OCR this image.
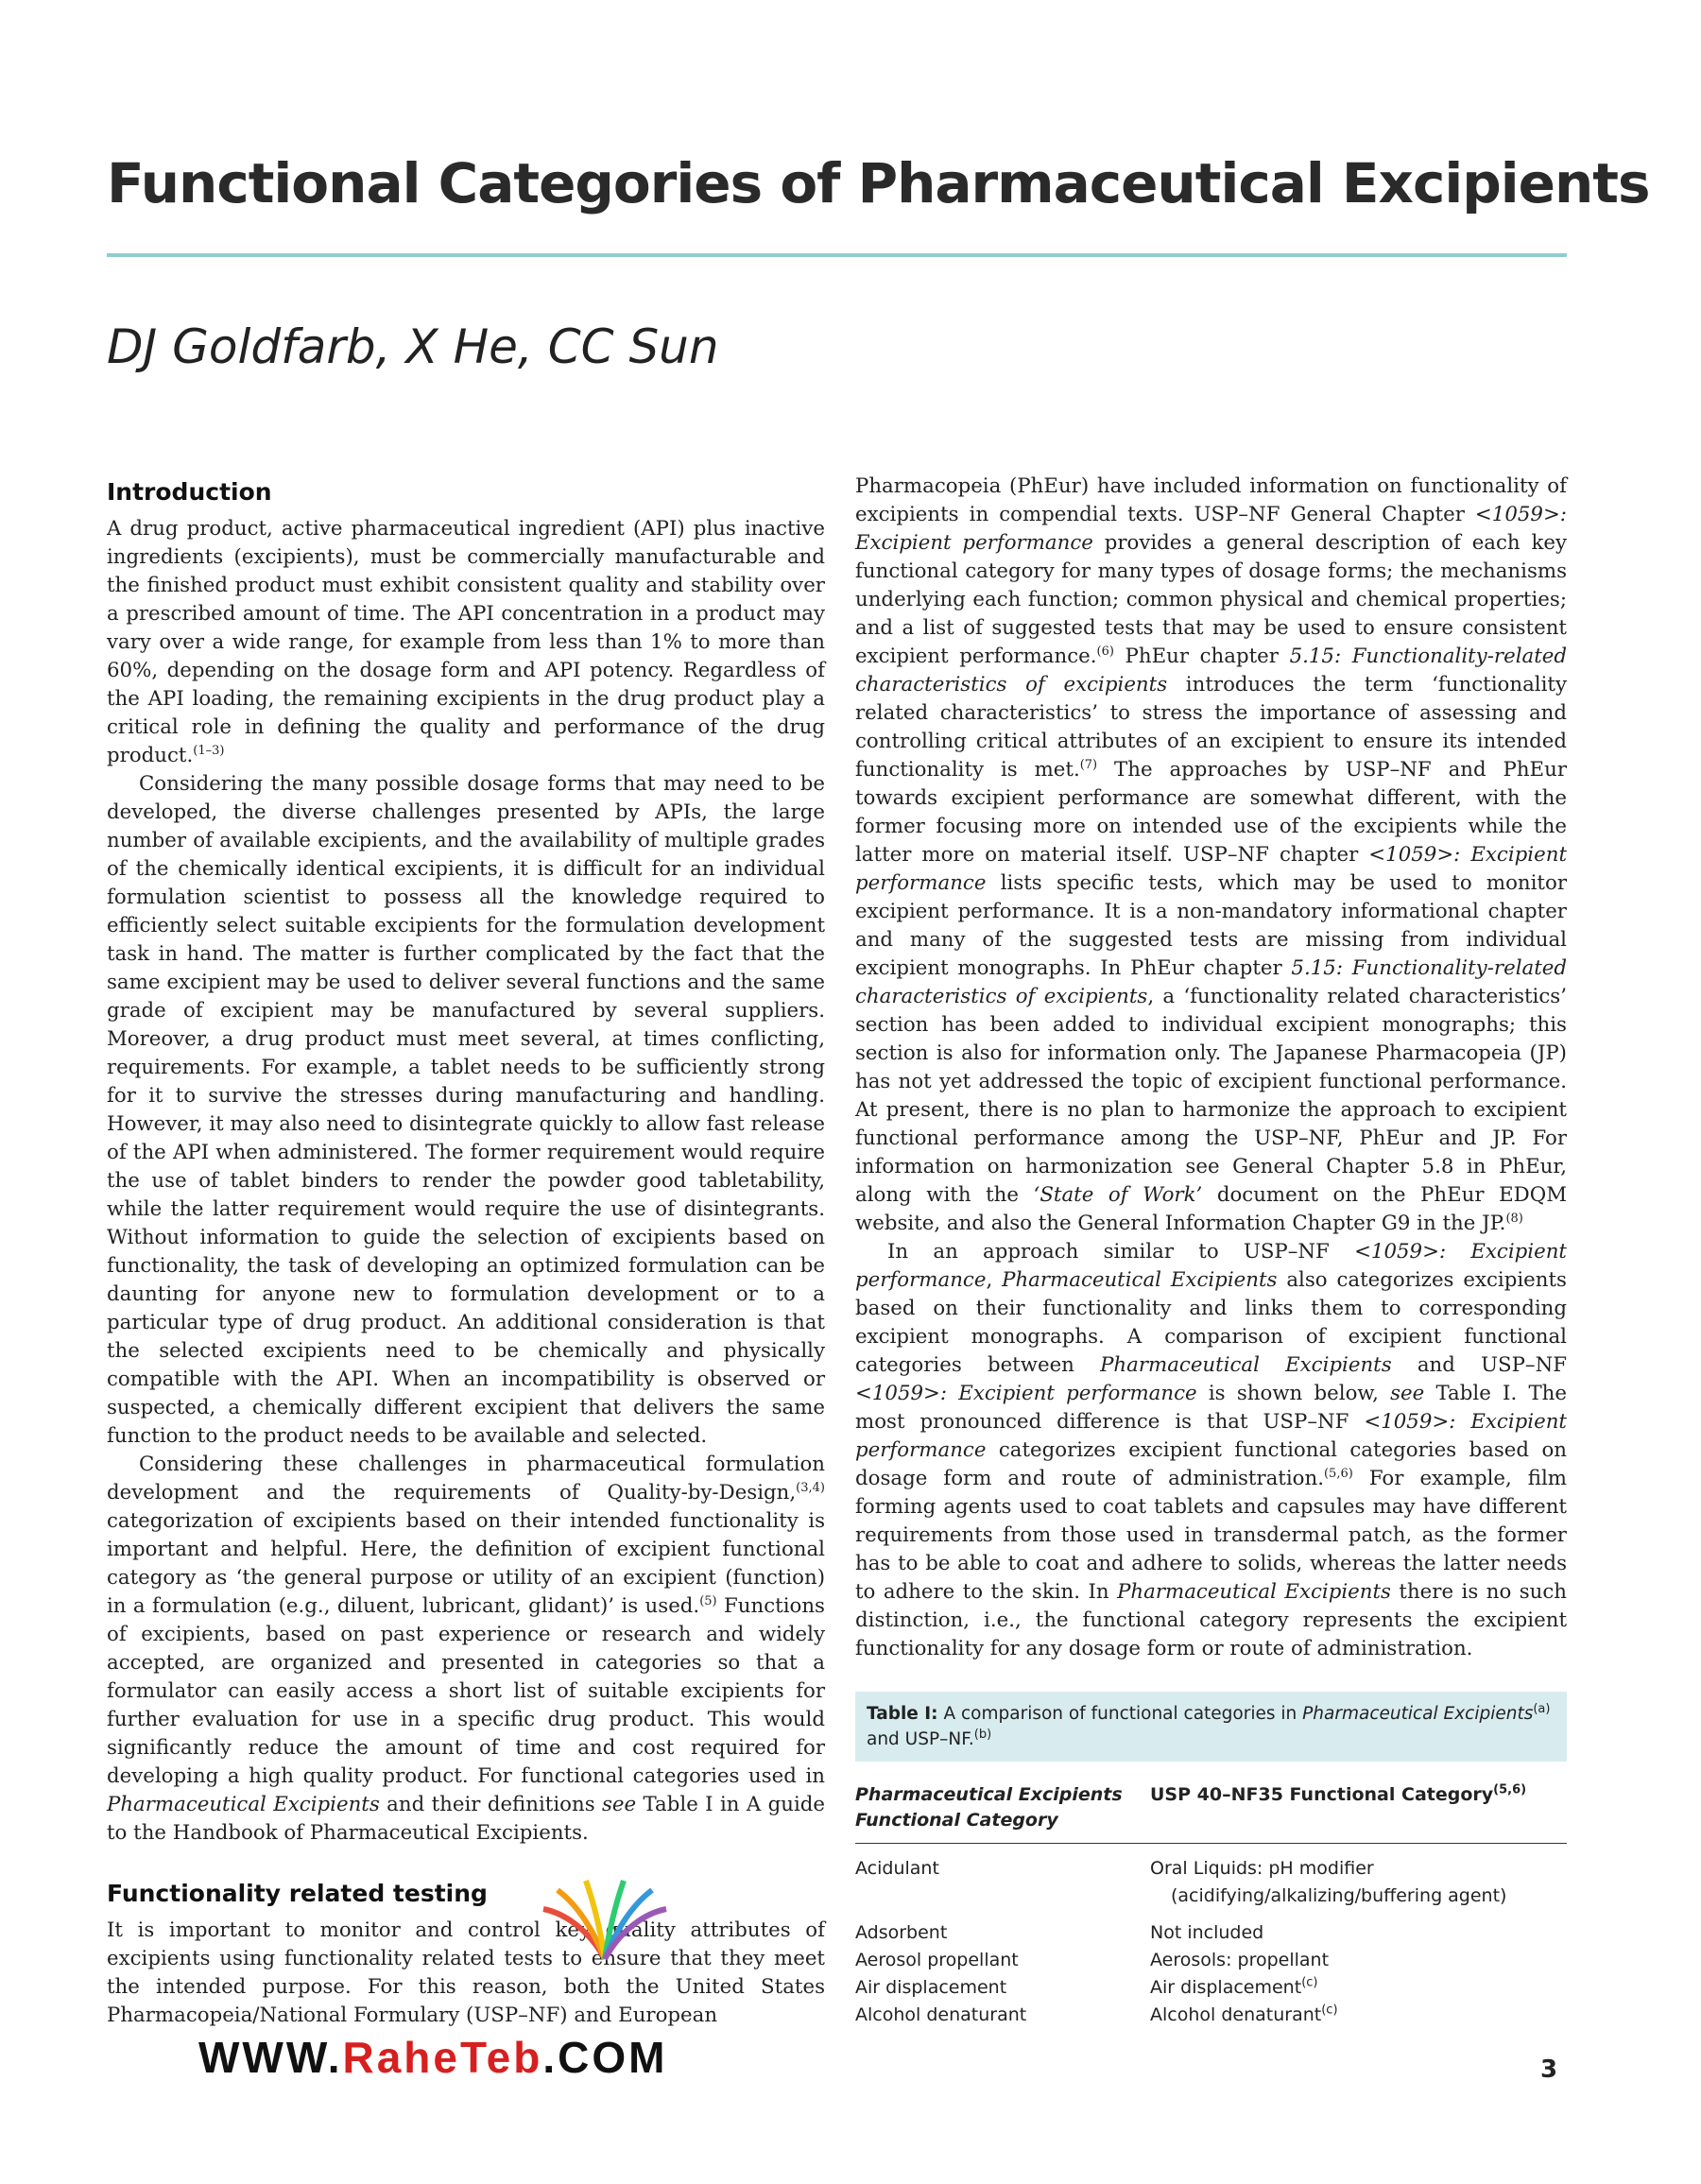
Functional Categories of Pharmaceutical Excipients
DJ Goldfarb, X He, CC Sun
Introduction

A drug product, active pharmaceutical ingredient (API) plus inactive ingredients (excipients), must be commercially manufacturable and the finished product must exhibit consistent quality and stability over a prescribed amount of time. The API concentration in a product may vary over a wide range, for example from less than 1% to more than 60%, depending on the dosage form and API potency. Regardless of the API loading, the remaining excipients in the drug product play a critical role in defining the quality and performance of the drug product.$^{(1-3)}$

Considering the many possible dosage forms that may need to be developed, the diverse challenges presented by APIs, the large number of available excipients, and the availability of multiple grades of the chemically identical excipients, it is difficult for an individual formulation scientist to possess all the knowledge required to efficiently select suitable excipients for the formulation development task in hand. The matter is further complicated by the fact that the same excipient may be used to deliver several functions and the same grade of excipient may be manufactured by several suppliers. Moreover, a drug product must meet several, at times conflicting, requirements. For example, a tablet needs to be sufficiently strong for it to survive the stresses during manufacturing and handling. However, it may also need to disintegrate quickly to allow fast release of the API when administered. The former requirement would require the use of tablet binders to render the powder good tabletability, while the latter requirement would require the use of disintegrants. Without information to guide the selection of excipients based on functionality, the task of developing an optimized formulation can be daunting for anyone new to formulation development or to a particular type of drug product. An additional consideration is that the selected excipients need to be chemically and physically compatible with the API. When an incompatibility is observed or suspected, a chemically different excipient that delivers the same function to the product needs to be available and selected.

Considering these challenges in pharmaceutical formulation development and the requirements of Quality-by-Design,$^{(3,4)}$ categorization of excipients based on their intended functionality is important and helpful. Here, the definition of excipient functional category as ‘the general purpose or utility of an excipient (function) in a formulation (e.g., diluent, lubricant, glidant)’ is used.$^{(5)}$ Functions of excipients, based on past experience or research and widely accepted, are organized and presented in categories so that a formulator can easily access a short list of suitable excipients for further evaluation for use in a specific drug product. This would significantly reduce the amount of time and cost required for developing a high quality product. For functional categories used in Pharmaceutical Excipients and their definitions see Table I in A guide to the Handbook of Pharmaceutical Excipients.

Functionality related testing

It is important to monitor and control key quality attributes of excipients using functionality related tests to ensure that they meet the intended purpose. For this reason, both the United States Pharmacopeia/National Formulary (USP–NF) and European

Pharmacopeia (PhEur) have included information on functionality of excipients in compendial texts. USP–NF General Chapter <1059>: Excipient performance provides a general description of each key functional category for many types of dosage forms; the mechanisms underlying each function; common physical and chemical properties; and a list of suggested tests that may be used to ensure consistent excipient performance.$^{(6)}$ PhEur chapter 5.15: Functionality-related characteristics of excipients introduces the term ‘functionality related characteristics’ to stress the importance of assessing and controlling critical attributes of an excipient to ensure its intended functionality is met.$^{(7)}$ The approaches by USP–NF and PhEur towards excipient performance are somewhat different, with the former focusing more on intended use of the excipients while the latter more on material itself. USP–NF chapter <1059>: Excipient performance lists specific tests, which may be used to monitor excipient performance. It is a non-mandatory informational chapter and many of the suggested tests are missing from individual excipient monographs. In PhEur chapter 5.15: Functionality-related characteristics of excipients, a ‘functionality related characteristics’ section has been added to individual excipient monographs; this section is also for information only. The Japanese Pharmacopeia (JP) has not yet addressed the topic of excipient functional performance. At present, there is no plan to harmonize the approach to excipient functional performance among the USP–NF, PhEur and JP. For information on harmonization see General Chapter 5.8 in PhEur, along with the ‘State of Work’ document on the PhEur EDQM website, and also the General Information Chapter G9 in the JP.$^{(8)}$

In an approach similar to USP–NF <1059>: Excipient performance, Pharmaceutical Excipients also categorizes excipients based on their functionality and links them to corresponding excipient monographs. A comparison of excipient functional categories between Pharmaceutical Excipients and USP–NF <1059>: Excipient performance is shown below, see Table I. The most pronounced difference is that USP–NF <1059>: Excipient performance categorizes excipient functional categories based on dosage form and route of administration.$^{(5,6)}$ For example, film forming agents used to coat tablets and capsules may have different requirements from those used in transdermal patch, as the former has to be able to coat and adhere to solids, whereas the latter needs to adhere to the skin. In Pharmaceutical Excipients there is no such distinction, i.e., the functional category represents the excipient functionality for any dosage form or route of administration.

Table I: A comparison of functional categories in Pharmaceutical Excipients$^{(a)}$ and USP–NF.$^{(b)}$
Pharmaceutical Excipients Functional Category	USP 40–NF35 Functional Category$^{(5,6)}$
Acidulant	Oral Liquids: pH modifier (acidifying/alkalizing/buffering agent)

Adsorbent	Not included
Aerosol propellant	Aerosols: propellant
Air displacement	Air displacement$^{(c)}$
Alcohol denaturant	Alcohol denaturant$^{(c)}$
WWW.RaheTeb.COM	3
